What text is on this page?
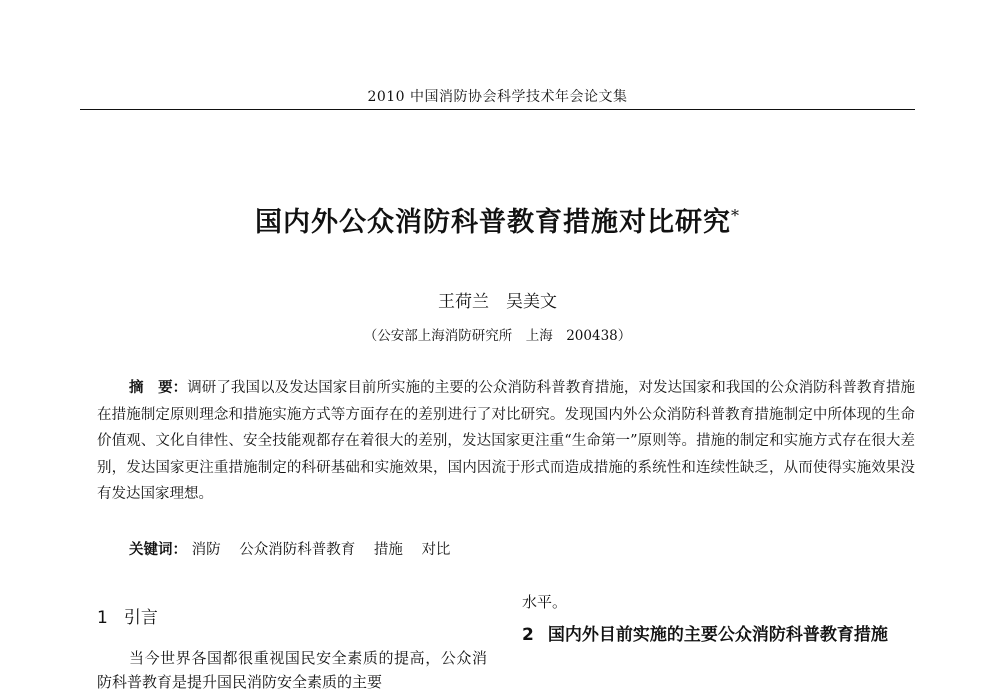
2010 中国消防协会科学技术年会论文集
国内外公众消防科普教育措施对比研究*
王荷兰　吴美文
（公安部上海消防研究所　上海　200438）
摘　要：调研了我国以及发达国家目前所实施的主要的公众消防科普教育措施，对发达国家和我国的公众消防科普教育措施在措施制定原则理念和措施实施方式等方面存在的差别进行了对比研究。发现国内外公众消防科普教育措施制定中所体现的生命价值观、文化自律性、安全技能观都存在着很大的差别，发达国家更注重“生命第一”原则等。措施的制定和实施方式存在很大差别，发达国家更注重措施制定的科研基础和实施效果，国内因流于形式而造成措施的系统性和连续性缺乏，从而使得实施效果没有发达国家理想。
关键词： 消防 公众消防科普教育 措施 对比
1 引言
当今世界各国都很重视国民安全素质的提高，公众消防科普教育是提升国民消防安全素质的主要
水平。
2 国内外目前实施的主要公众消防科普教育措施
